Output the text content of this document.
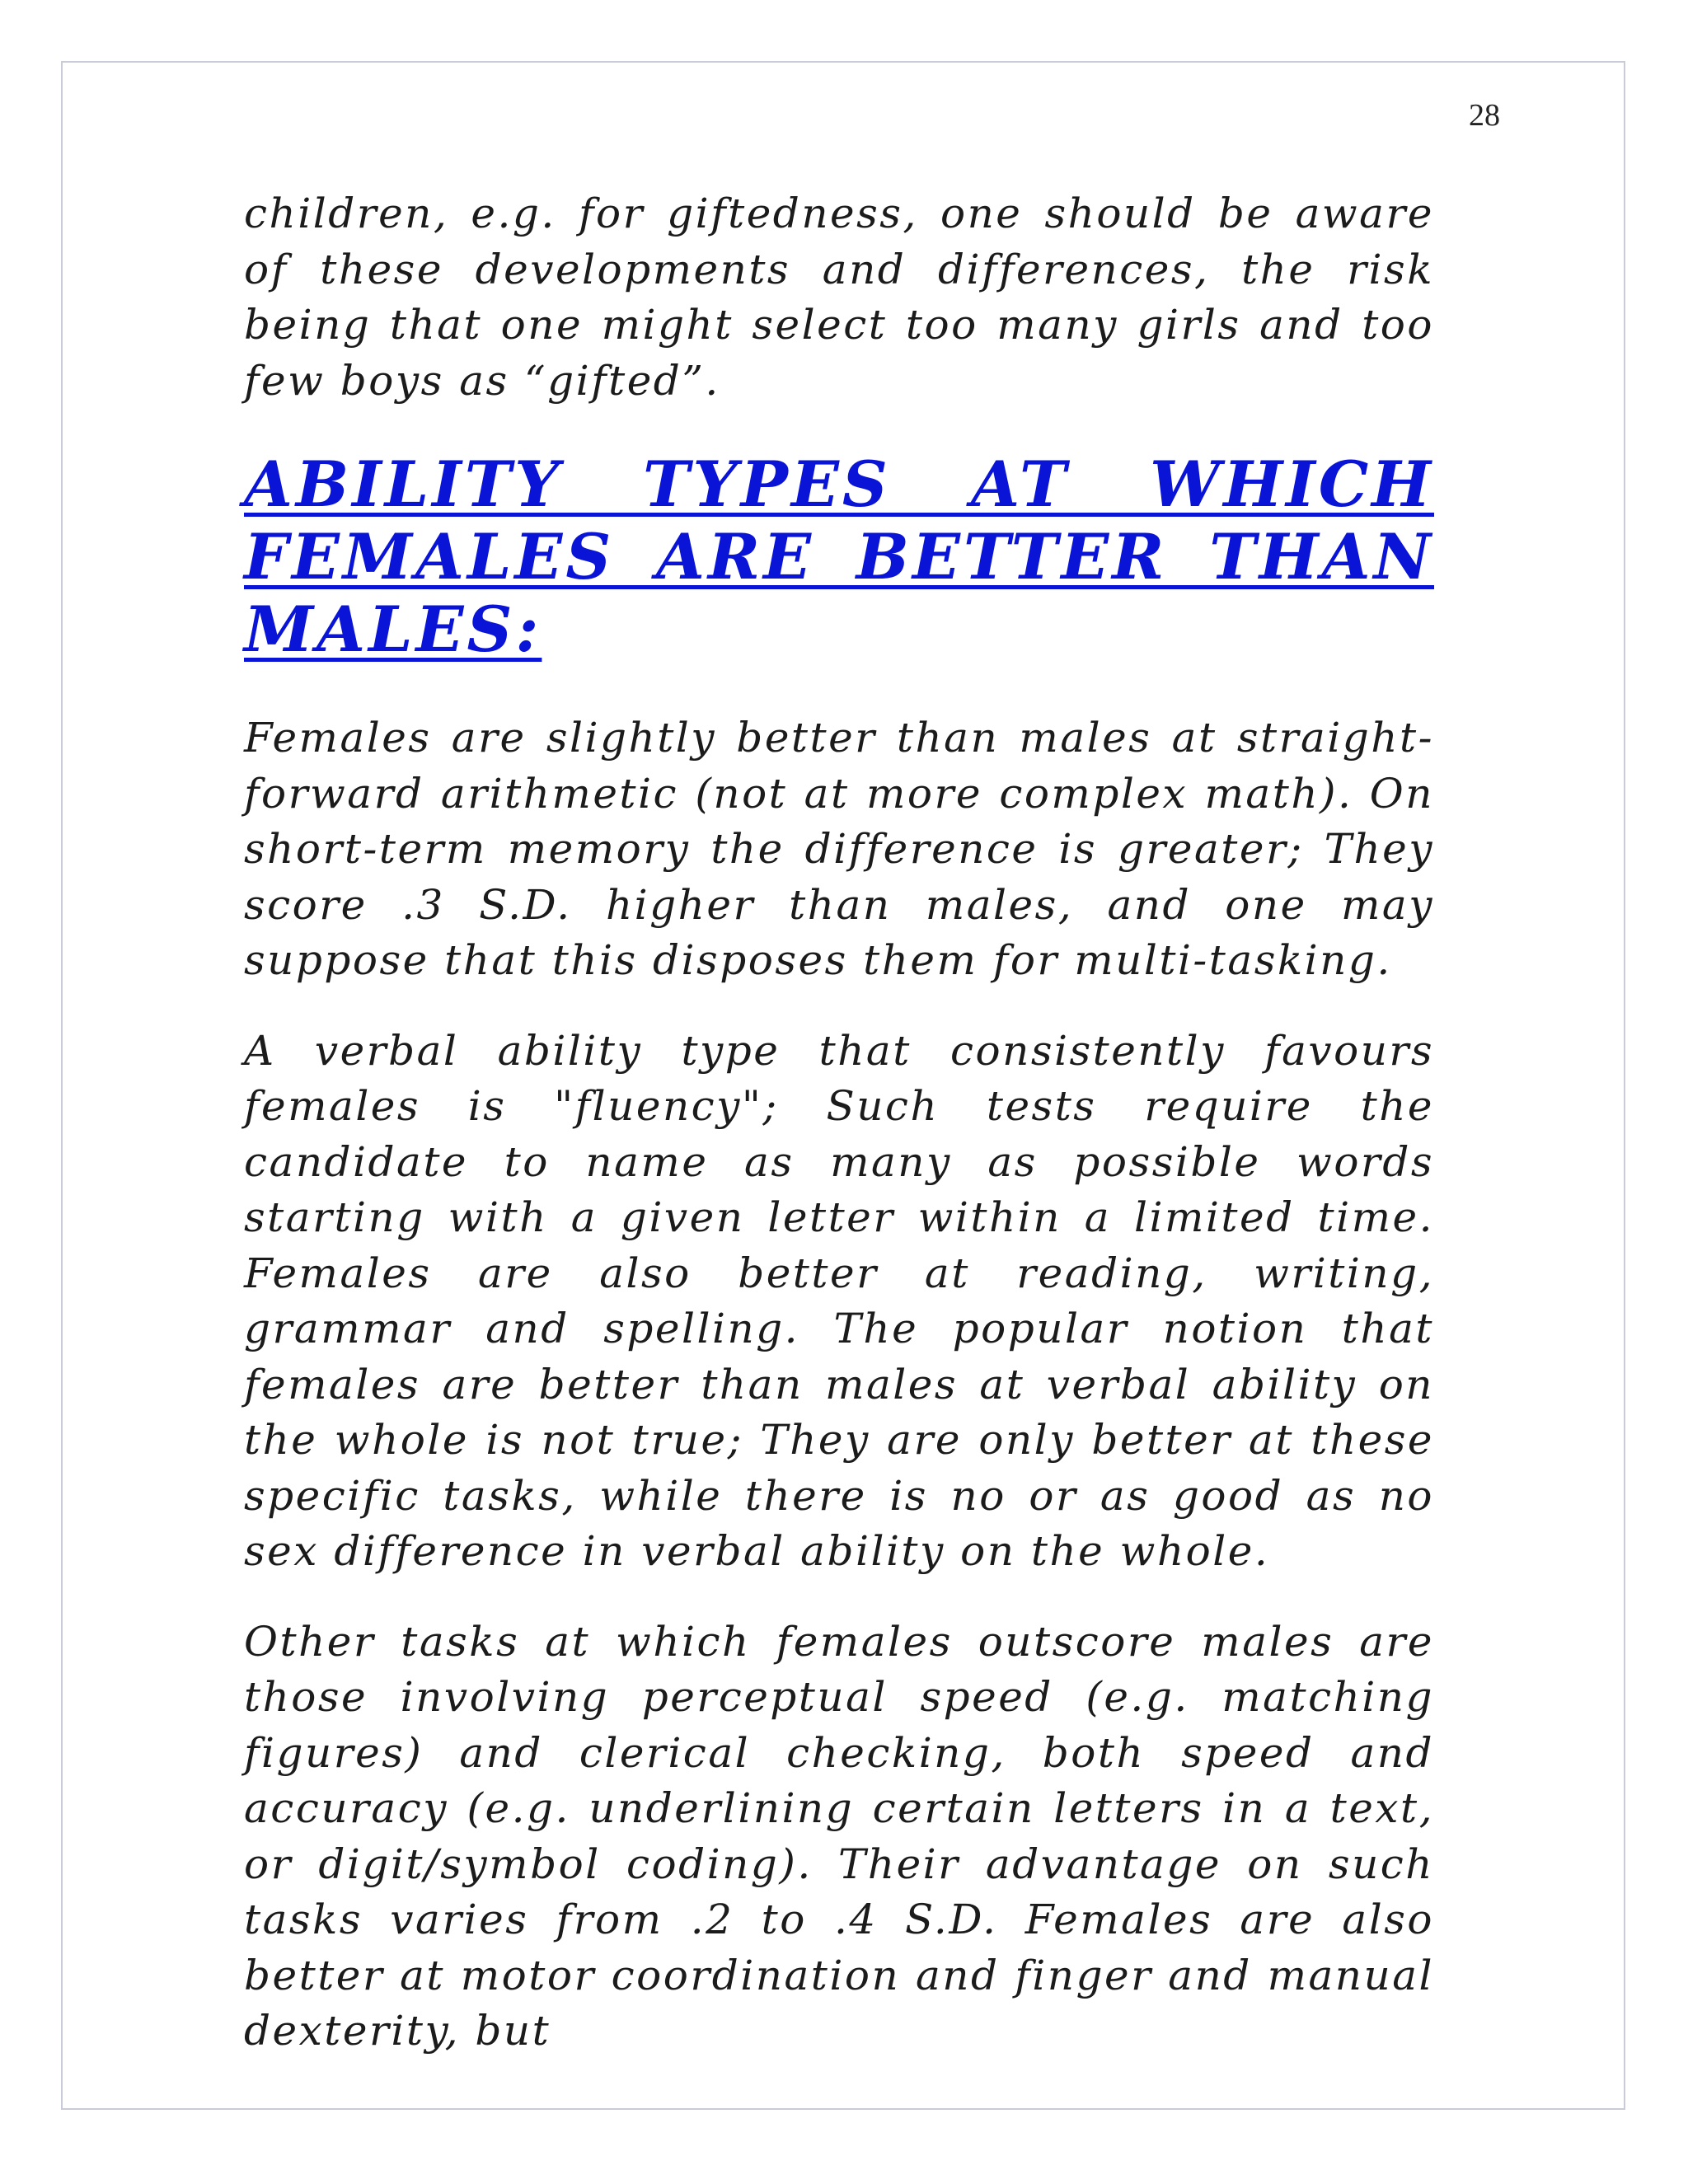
28

children, e.g. for giftedness, one should be aware of these developments and differences, the risk being that one might select too many girls and too few boys as “gifted”.

ABILITY TYPES AT WHICH FEMALES ARE BETTER THAN MALES:

Females are slightly better than males at straight-forward arithmetic (not at more complex math). On short-term memory the difference is greater; They score .3 S.D. higher than males, and one may suppose that this disposes them for multi-tasking.

A verbal ability type that consistently favours females is "fluency"; Such tests require the candidate to name as many as possible words starting with a given letter within a limited time. Females are also better at reading, writing, grammar and spelling. The popular notion that females are better than males at verbal ability on the whole is not true; They are only better at these specific tasks, while there is no or as good as no sex difference in verbal ability on the whole.

Other tasks at which females outscore males are those involving perceptual speed (e.g. matching figures) and clerical checking, both speed and accuracy (e.g. underlining certain letters in a text, or digit/symbol coding). Their advantage on such tasks varies from .2 to .4 S.D. Females are also better at motor coordination and finger and manual dexterity, but
